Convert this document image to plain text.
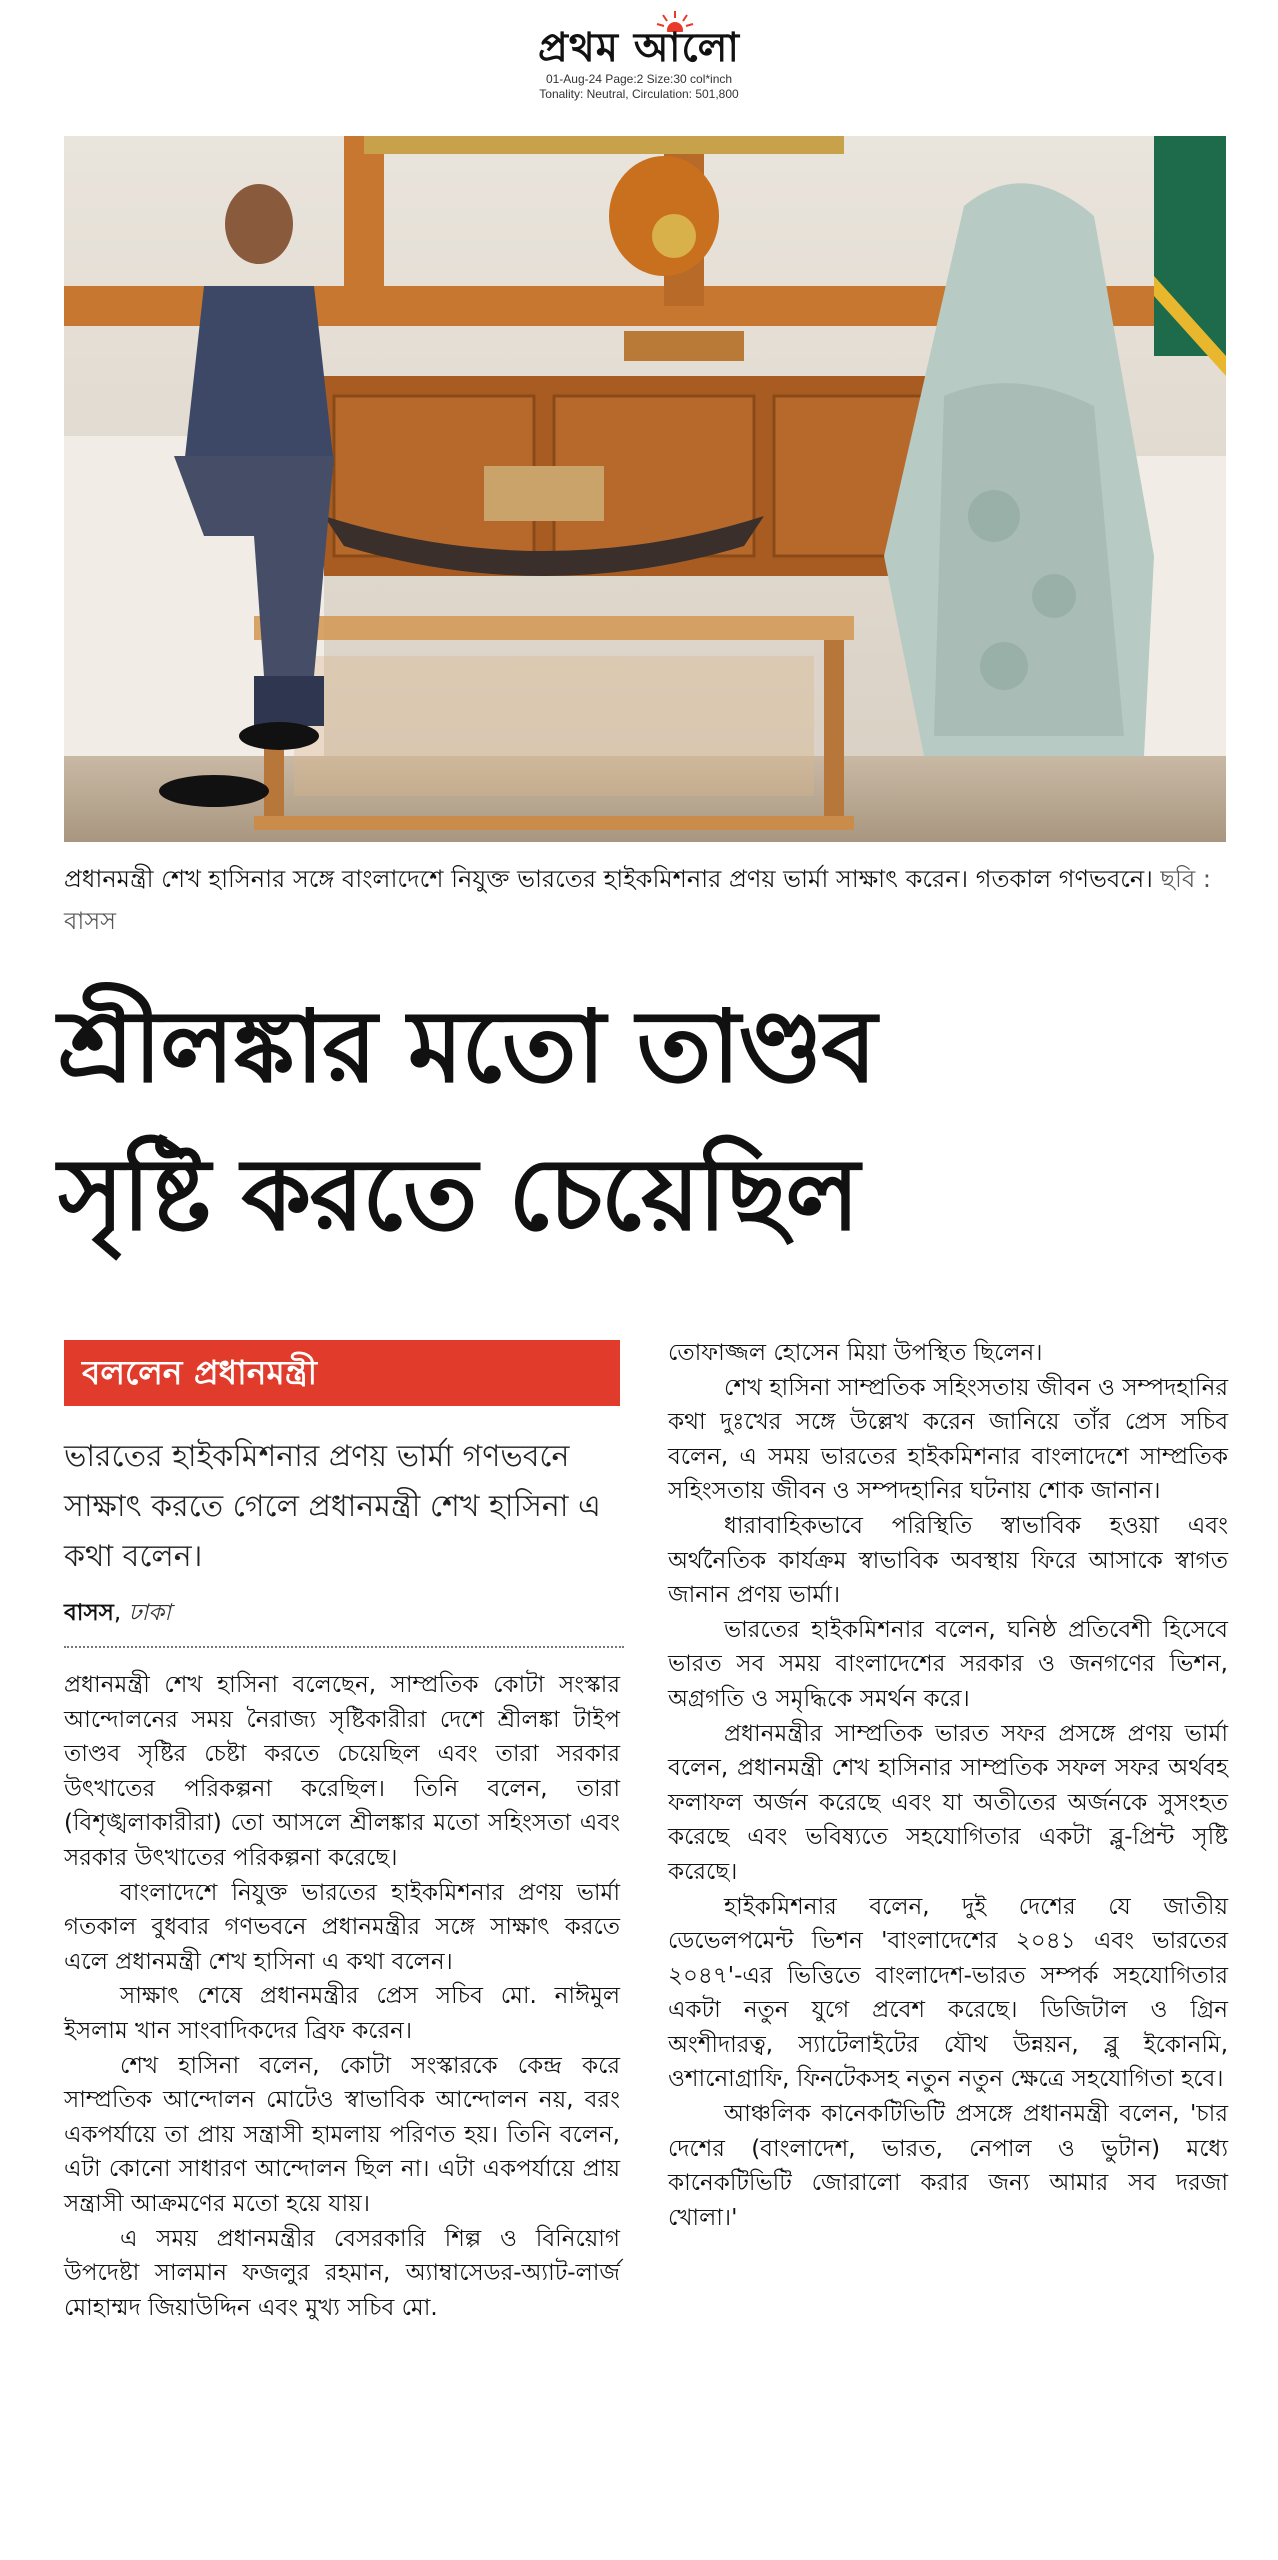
প্রথম আলো
01-Aug-24 Page:2 Size:30 col*inch
Tonality: Neutral, Circulation: 501,800
প্রধানমন্ত্রী শেখ হাসিনার সঙ্গে বাংলাদেশে নিযুক্ত ভারতের হাইকমিশনার প্রণয় ভার্মা সাক্ষাৎ করেন। গতকাল গণভবনে। ছবি : বাসস
শ্রীলঙ্কার মতো তাণ্ডব
সৃষ্টি করতে চেয়েছিল
বললেন প্রধানমন্ত্রী
ভারতের হাইকমিশনার প্রণয় ভার্মা গণভবনে সাক্ষাৎ করতে গেলে প্রধানমন্ত্রী শেখ হাসিনা এ কথা বলেন।
বাসস, ঢাকা

প্রধানমন্ত্রী শেখ হাসিনা বলেছেন, সাম্প্রতিক কোটা সংস্কার আন্দোলনের সময় নৈরাজ্য সৃষ্টিকারীরা দেশে শ্রীলঙ্কা টাইপ তাণ্ডব সৃষ্টির চেষ্টা করতে চেয়েছিল এবং তারা সরকার উৎখাতের পরিকল্পনা করেছিল। তিনি বলেন, তারা (বিশৃঙ্খলাকারীরা) তো আসলে শ্রীলঙ্কার মতো সহিংসতা এবং সরকার উৎখাতের পরিকল্পনা করেছে।

বাংলাদেশে নিযুক্ত ভারতের হাইকমিশনার প্রণয় ভার্মা গতকাল বুধবার গণভবনে প্রধানমন্ত্রীর সঙ্গে সাক্ষাৎ করতে এলে প্রধানমন্ত্রী শেখ হাসিনা এ কথা বলেন।

সাক্ষাৎ শেষে প্রধানমন্ত্রীর প্রেস সচিব মো. নাঈমুল ইসলাম খান সাংবাদিকদের ব্রিফ করেন।

শেখ হাসিনা বলেন, কোটা সংস্কারকে কেন্দ্র করে সাম্প্রতিক আন্দোলন মোটেও স্বাভাবিক আন্দোলন নয়, বরং একপর্যায়ে তা প্রায় সন্ত্রাসী হামলায় পরিণত হয়। তিনি বলেন, এটা কোনো সাধারণ আন্দোলন ছিল না। এটা একপর্যায়ে প্রায় সন্ত্রাসী আক্রমণের মতো হয়ে যায়।

এ সময় প্রধানমন্ত্রীর বেসরকারি শিল্প ও বিনিয়োগ উপদেষ্টা সালমান ফজলুর রহমান, অ্যাম্বাসেডর-অ্যাট-লার্জ মোহাম্মদ জিয়াউদ্দিন এবং মুখ্য সচিব মো.

তোফাজ্জল হোসেন মিয়া উপস্থিত ছিলেন।

শেখ হাসিনা সাম্প্রতিক সহিংসতায় জীবন ও সম্পদহানির কথা দুঃখের সঙ্গে উল্লেখ করেন জানিয়ে তাঁর প্রেস সচিব বলেন, এ সময় ভারতের হাইকমিশনার বাংলাদেশে সাম্প্রতিক সহিংসতায় জীবন ও সম্পদহানির ঘটনায় শোক জানান।

ধারাবাহিকভাবে পরিস্থিতি স্বাভাবিক হওয়া এবং অর্থনৈতিক কার্যক্রম স্বাভাবিক অবস্থায় ফিরে আসাকে স্বাগত জানান প্রণয় ভার্মা।

ভারতের হাইকমিশনার বলেন, ঘনিষ্ঠ প্রতিবেশী হিসেবে ভারত সব সময় বাংলাদেশের সরকার ও জনগণের ভিশন, অগ্রগতি ও সমৃদ্ধিকে সমর্থন করে।

প্রধানমন্ত্রীর সাম্প্রতিক ভারত সফর প্রসঙ্গে প্রণয় ভার্মা বলেন, প্রধানমন্ত্রী শেখ হাসিনার সাম্প্রতিক সফল সফর অর্থবহ ফলাফল অর্জন করেছে এবং যা অতীতের অর্জনকে সুসংহত করেছে এবং ভবিষ্যতে সহযোগিতার একটা ব্লু-প্রিন্ট সৃষ্টি করেছে।

হাইকমিশনার বলেন, দুই দেশের যে জাতীয় ডেভেলপমেন্ট ভিশন 'বাংলাদেশের ২০৪১ এবং ভারতের ২০৪৭'-এর ভিত্তিতে বাংলাদেশ-ভারত সম্পর্ক সহযোগিতার একটা নতুন যুগে প্রবেশ করেছে। ডিজিটাল ও গ্রিন অংশীদারত্ব, স্যাটেলাইটের যৌথ উন্নয়ন, ব্লু ইকোনমি, ওশানোগ্রাফি, ফিনটেকসহ নতুন নতুন ক্ষেত্রে সহযোগিতা হবে।

আঞ্চলিক কানেকটিভিটি প্রসঙ্গে প্রধানমন্ত্রী বলেন, 'চার দেশের (বাংলাদেশ, ভারত, নেপাল ও ভুটান) মধ্যে কানেকটিভিটি জোরালো করার জন্য আমার সব দরজা খোলা।'
